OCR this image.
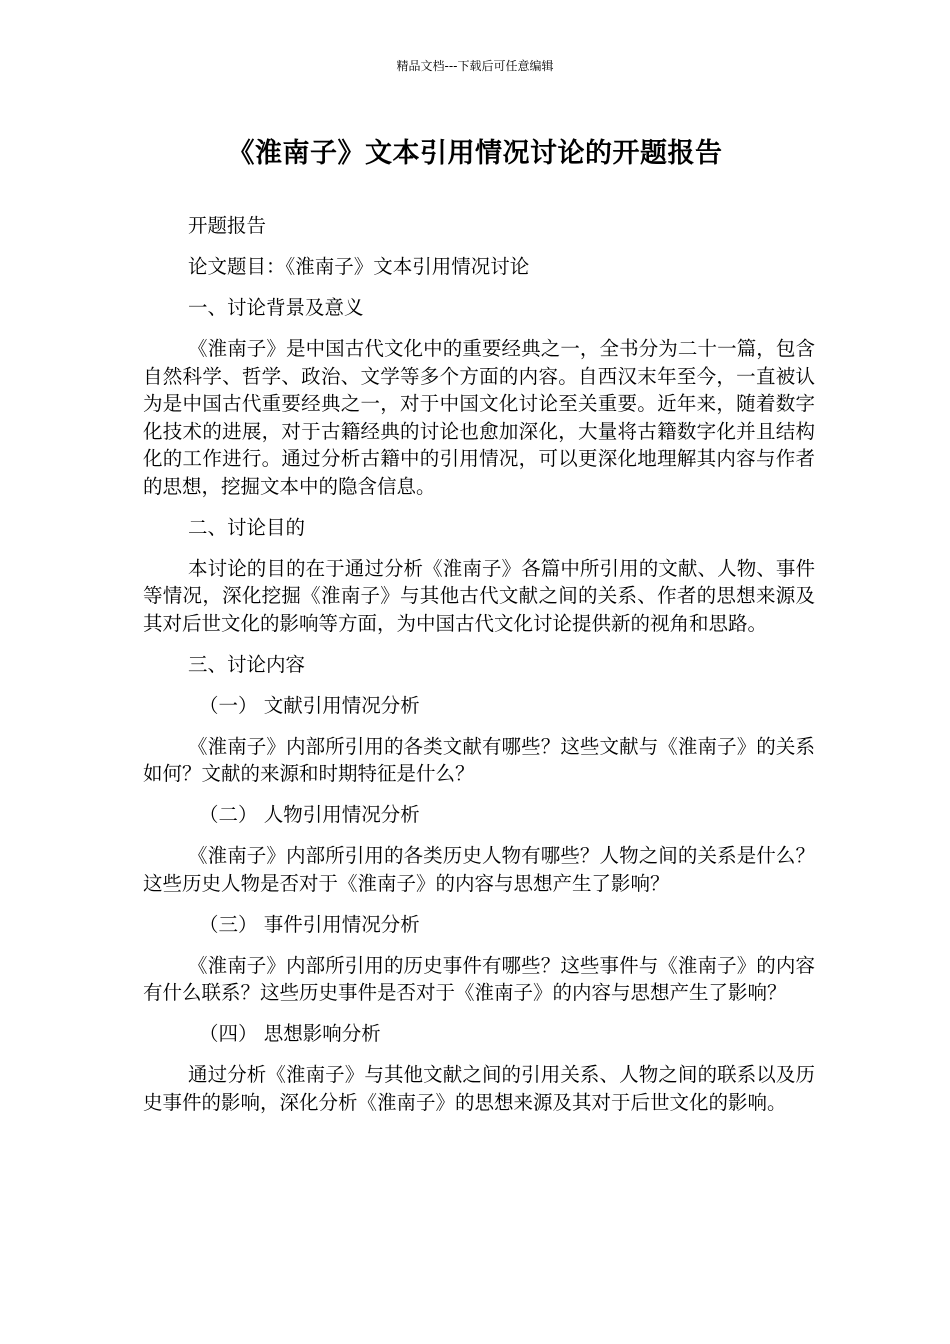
精品文档---下载后可任意编辑
《淮南子》文本引用情况讨论的开题报告
开题报告
论文题目：《淮南子》文本引用情况讨论
一、讨论背景及意义

《淮南子》是中国古代文化中的重要经典之一，全书分为二十一篇，包含自然科学、哲学、政治、文学等多个方面的内容。自西汉末年至今，一直被认为是中国古代重要经典之一，对于中国文化讨论至关重要。近年来，随着数字化技术的进展，对于古籍经典的讨论也愈加深化，大量将古籍数字化并且结构化的工作进行。通过分析古籍中的引用情况，可以更深化地理解其内容与作者的思想，挖掘文本中的隐含信息。

二、讨论目的

本讨论的目的在于通过分析《淮南子》各篇中所引用的文献、人物、事件等情况，深化挖掘《淮南子》与其他古代文献之间的关系、作者的思想来源及其对后世文化的影响等方面，为中国古代文化讨论提供新的视角和思路。

三、讨论内容
（一） 文献引用情况分析

《淮南子》内部所引用的各类文献有哪些？这些文献与《淮南子》的关系如何？文献的来源和时期特征是什么？

（二） 人物引用情况分析

《淮南子》内部所引用的各类历史人物有哪些？人物之间的关系是什么？这些历史人物是否对于《淮南子》的内容与思想产生了影响？

（三） 事件引用情况分析

《淮南子》内部所引用的历史事件有哪些？这些事件与《淮南子》的内容有什么联系？这些历史事件是否对于《淮南子》的内容与思想产生了影响？

（四） 思想影响分析

通过分析《淮南子》与其他文献之间的引用关系、人物之间的联系以及历史事件的影响，深化分析《淮南子》的思想来源及其对于后世文化的影响。
